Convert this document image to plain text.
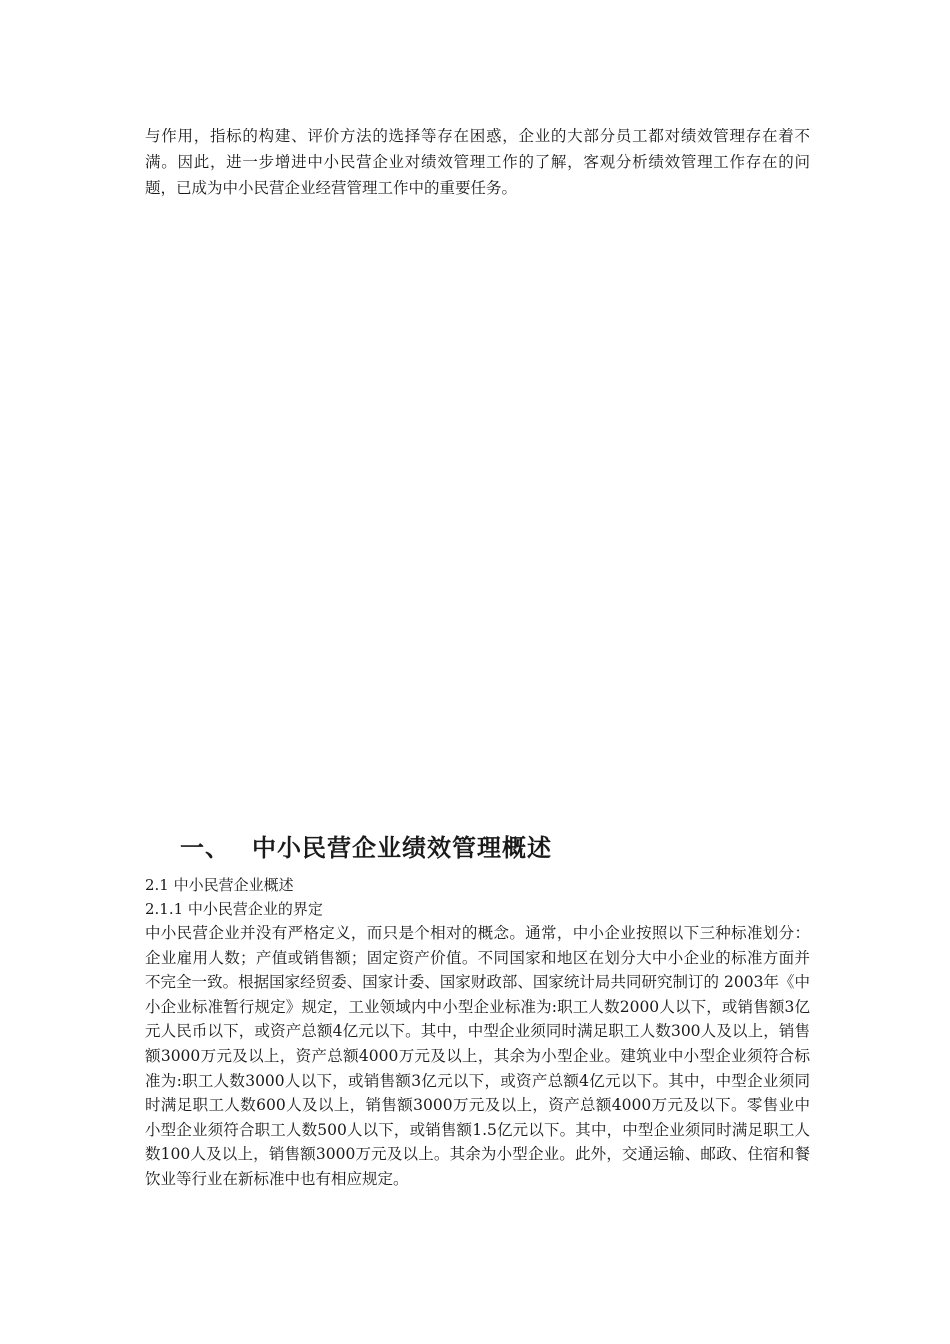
与作用，指标的构建、评价方法的选择等存在困惑，企业的大部分员工都对绩效管理存在着不满。因此，进一步增进中小民营企业对绩效管理工作的了解，客观分析绩效管理工作存在的问题，已成为中小民营企业经营管理工作中的重要任务。

一、 中小民营企业绩效管理概述
2.1 中小民营企业概述
2.1.1 中小民营企业的界定

中小民营企业并没有严格定义，而只是个相对的概念。通常，中小企业按照以下三种标准划分：企业雇用人数；产值或销售额；固定资产价值。不同国家和地区在划分大中小企业的标准方面并不完全一致。根据国家经贸委、国家计委、国家财政部、国家统计局共同研究制订的 2003年《中小企业标准暂行规定》规定，工业领域内中小型企业标准为:职工人数2000人以下，或销售额3亿元人民币以下，或资产总额4亿元以下。其中，中型企业须同时满足职工人数300人及以上，销售额3000万元及以上，资产总额4000万元及以上，其余为小型企业。建筑业中小型企业须符合标准为:职工人数3000人以下，或销售额3亿元以下，或资产总额4亿元以下。其中，中型企业须同时满足职工人数600人及以上，销售额3000万元及以上，资产总额4000万元及以下。零售业中小型企业须符合职工人数500人以下，或销售额1.5亿元以下。其中，中型企业须同时满足职工人数100人及以上，销售额3000万元及以上。其余为小型企业。此外，交通运输、邮政、住宿和餐饮业等行业在新标准中也有相应规定。
